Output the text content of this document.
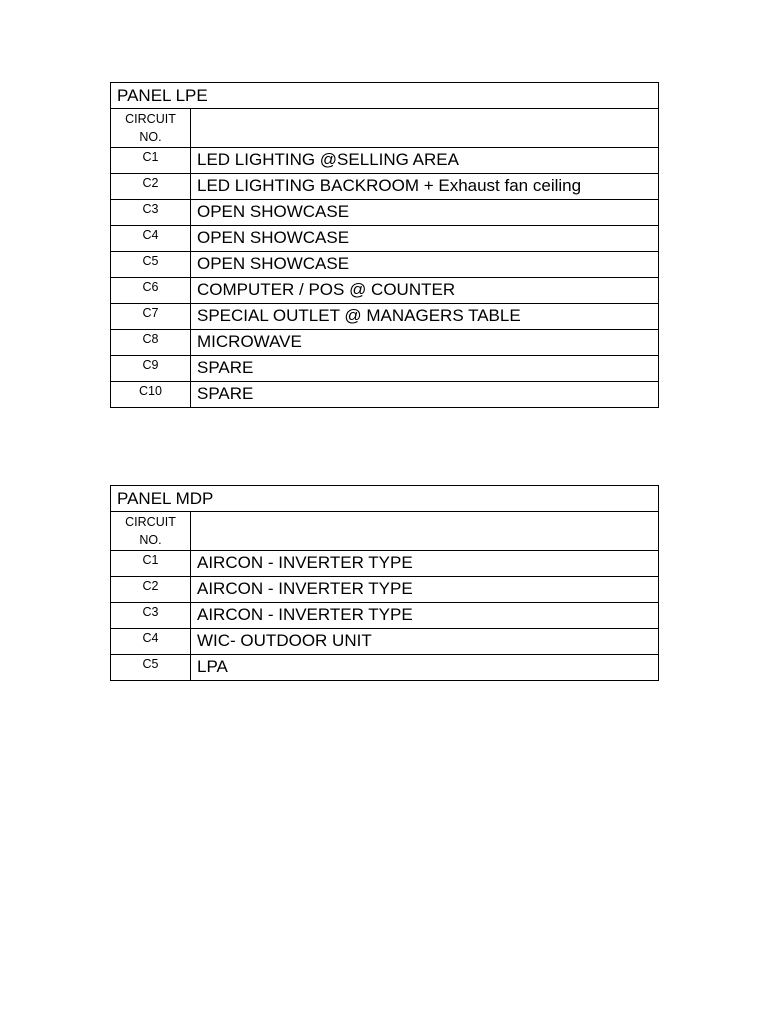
PANEL LPE	

CIRCUIT
NO.	

C1	LED LIGHTING @SELLING AREA
C2	LED LIGHTING BACKROOM + Exhaust fan ceiling
C3	OPEN SHOWCASE
C4	OPEN SHOWCASE
C5	OPEN SHOWCASE
C6	COMPUTER / POS @ COUNTER
C7	SPECIAL OUTLET @ MANAGERS TABLE
C8	MICROWAVE
C9	SPARE
C10	SPARE
PANEL MDP	

CIRCUIT
NO.	

C1	AIRCON - INVERTER TYPE
C2	AIRCON - INVERTER TYPE
C3	AIRCON - INVERTER TYPE
C4	WIC- OUTDOOR UNIT
C5	LPA
